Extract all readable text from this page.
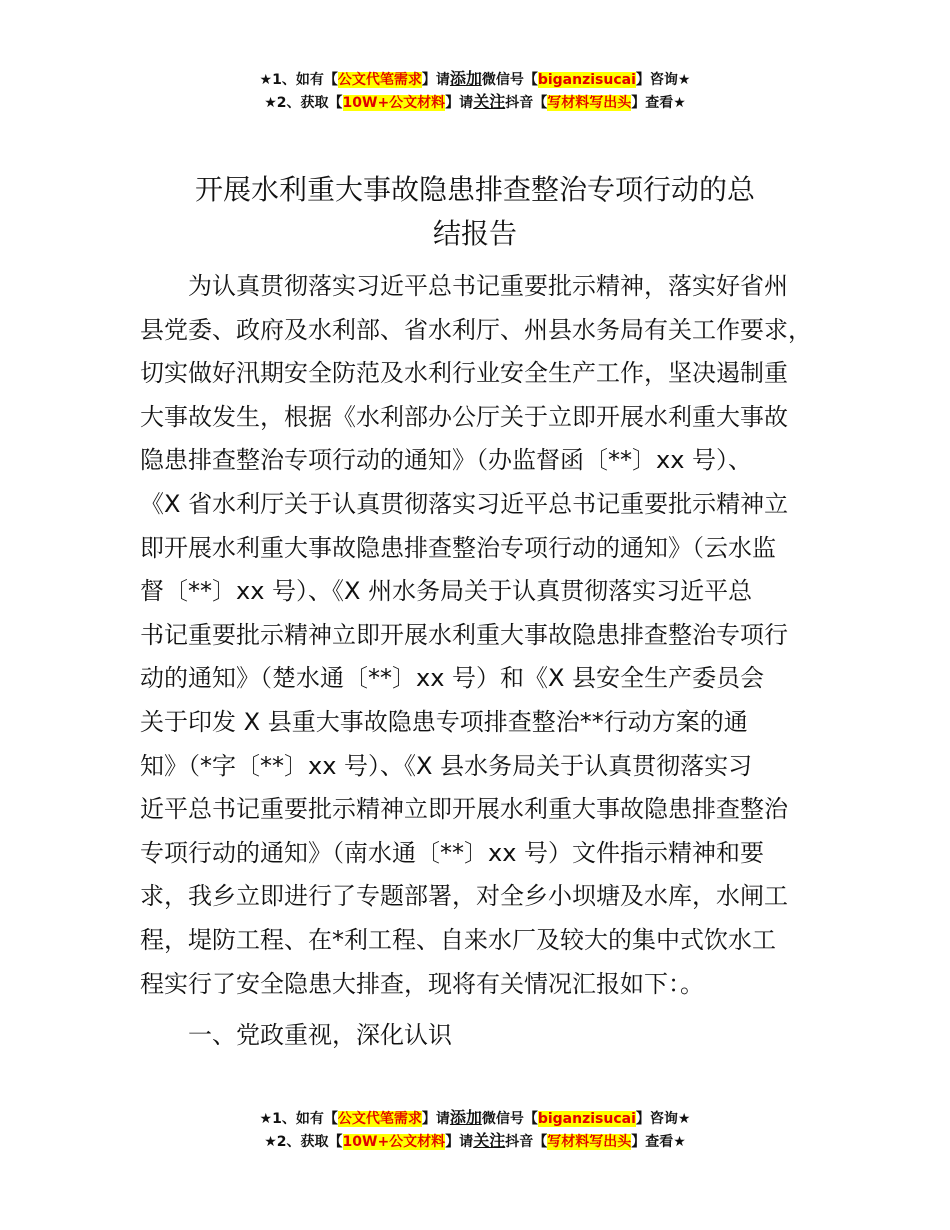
★1、如有【公文代笔需求】请添加微信号【biganzisucai】咨询★
★2、获取【10W+公文材料】请关注抖音【写材料写出头】查看★
开展水利重大事故隐患排查整治专项行动的总
结报告
为认真贯彻落实习近平总书记重要批示精神，落实好省州
县党委、政府及水利部、省水利厅、州县水务局有关工作要求，
切实做好汛期安全防范及水利行业安全生产工作，坚决遏制重
大事故发生，根据《水利部办公厅关于立即开展水利重大事故
隐患排查整治专项行动的通知》（办监督函〔**〕xx 号）、
《X 省水利厅关于认真贯彻落实习近平总书记重要批示精神立
即开展水利重大事故隐患排查整治专项行动的通知》（云水监
督〔**〕xx 号）、《X 州水务局关于认真贯彻落实习近平总
书记重要批示精神立即开展水利重大事故隐患排查整治专项行
动的通知》（楚水通〔**〕xx 号）和《X 县安全生产委员会
关于印发 X 县重大事故隐患专项排查整治**行动方案的通
知》（*字〔**〕xx 号）、《X 县水务局关于认真贯彻落实习
近平总书记重要批示精神立即开展水利重大事故隐患排查整治
专项行动的通知》（南水通〔**〕xx 号）文件指示精神和要
求，我乡立即进行了专题部署，对全乡小坝塘及水库，水闸工
程，堤防工程、在*利工程、自来水厂及较大的集中式饮水工
程实行了安全隐患大排查，现将有关情况汇报如下：。
一、党政重视，深化认识
★1、如有【公文代笔需求】请添加微信号【biganzisucai】咨询★
★2、获取【10W+公文材料】请关注抖音【写材料写出头】查看★
